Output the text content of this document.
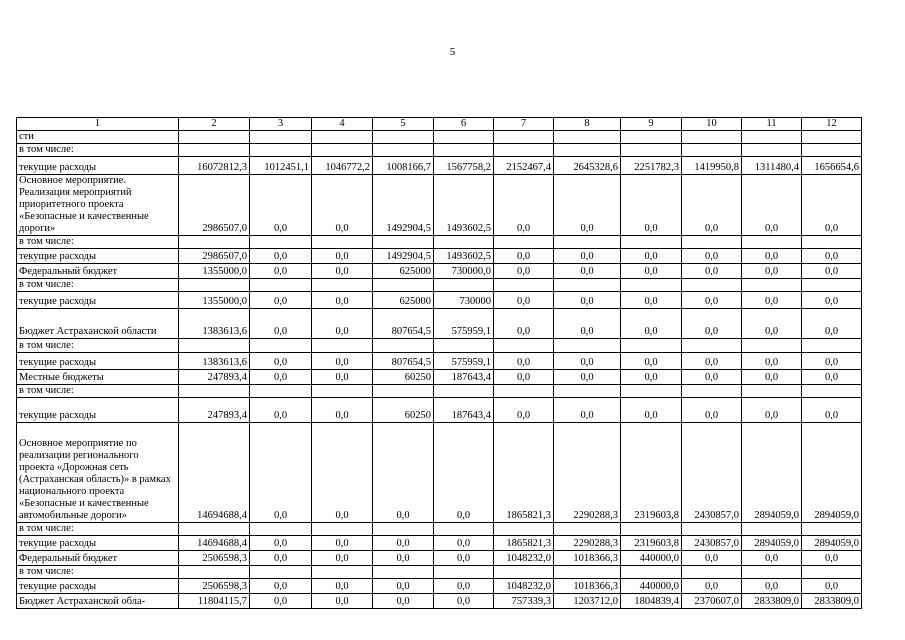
5
1	2	3	4	5	6	7	8	9	10	11	12
сти											
в том числе:											
текущие расходы	16072812,3	1012451,1	1046772,2	1008166,7	1567758,2	2152467,4	2645328,6	2251782,3	1419950,8	1311480,4	1656654,6
Основное мероприятие. Реализация мероприятий приоритетного проекта «Безопасные и качественные дороги»	2986507,0	0,0	0,0	1492904,5	1493602,5	0,0	0,0	0,0	0,0	0,0	0,0
в том числе:											
текущие расходы	2986507,0	0,0	0,0	1492904,5	1493602,5	0,0	0,0	0,0	0,0	0,0	0,0
Федеральный бюджет	1355000,0	0,0	0,0	625000	730000,0	0,0	0,0	0,0	0,0	0,0	0,0
в том числе:											
текущие расходы	1355000,0	0,0	0,0	625000	730000	0,0	0,0	0,0	0,0	0,0	0,0
Бюджет Астраханской области	1383613,6	0,0	0,0	807654,5	575959,1	0,0	0,0	0,0	0,0	0,0	0,0
в том числе:											
текущие расходы	1383613,6	0,0	0,0	807654,5	575959,1	0,0	0,0	0,0	0,0	0,0	0,0
Местные бюджеты	247893,4	0,0	0,0	60250	187643,4	0,0	0,0	0,0	0,0	0,0	0,0
в том числе:											
текущие расходы	247893,4	0,0	0,0	60250	187643,4	0,0	0,0	0,0	0,0	0,0	0,0
Основное мероприятие по реализации регионального проекта «Дорожная сеть (Астраханская область)» в рамках национального проекта «Безопасные и качественные автомобильные дороги»	14694688,4	0,0	0,0	0,0	0,0	1865821,3	2290288,3	2319603,8	2430857,0	2894059,0	2894059,0
в том числе:											
текущие расходы	14694688,4	0,0	0,0	0,0	0,0	1865821,3	2290288,3	2319603,8	2430857,0	2894059,0	2894059,0
Федеральный бюджет	2506598,3	0,0	0,0	0,0	0,0	1048232,0	1018366,3	440000,0	0,0	0,0	0,0
в том числе:											
текущие расходы	2506598,3	0,0	0,0	0,0	0,0	1048232,0	1018366,3	440000,0	0,0	0,0	0,0
Бюджет Астраханской обла-	11804115,7	0,0	0,0	0,0	0,0	757339,3	1203712,0	1804839,4	2370607,0	2833809,0	2833809,0
